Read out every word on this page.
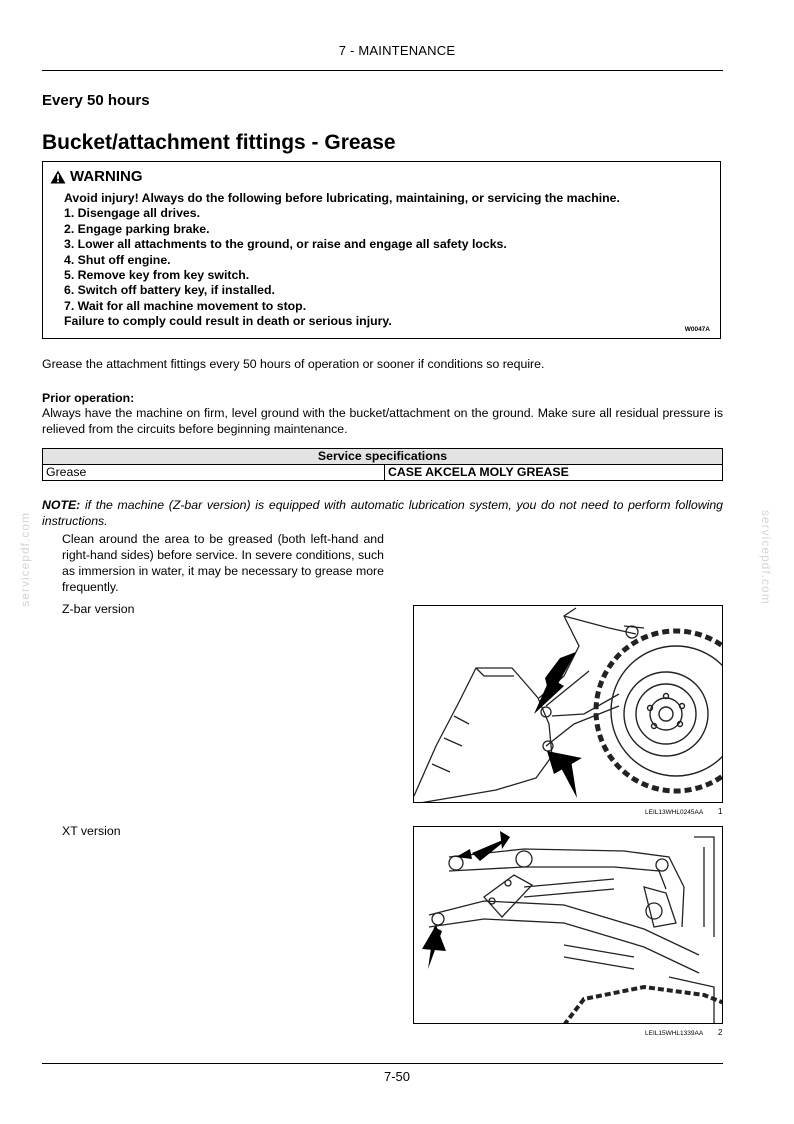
7 - MAINTENANCE
Every 50 hours
Bucket/attachment fittings - Grease
WARNING
Avoid injury! Always do the following before lubricating, maintaining, or servicing the machine.
1. Disengage all drives.
2. Engage parking brake.
3. Lower all attachments to the ground, or raise and engage all safety locks.
4. Shut off engine.
5. Remove key from key switch.
6. Switch off battery key, if installed.
7. Wait for all machine movement to stop.
Failure to comply could result in death or serious injury.
W0047A
Grease the attachment fittings every 50 hours of operation or sooner if conditions so require.
Prior operation:
Always have the machine on firm, level ground with the bucket/attachment on the ground. Make sure all residual pressure is relieved from the circuits before beginning maintenance.
Service specifications
Grease	CASE AKCELA MOLY GREASE
NOTE: if the machine (Z-bar version) is equipped with automatic lubrication system, you do not need to perform following instructions.
Clean around the area to be greased (both left-hand and right-hand sides) before service. In severe conditions, such as immersion in water, it may be necessary to grease more frequently.
Z-bar version
LEIL13WHL0245AA 1
XT version
LEIL15WHL1339AA 2
servicepdf.com	servicepdf.com
7-50
